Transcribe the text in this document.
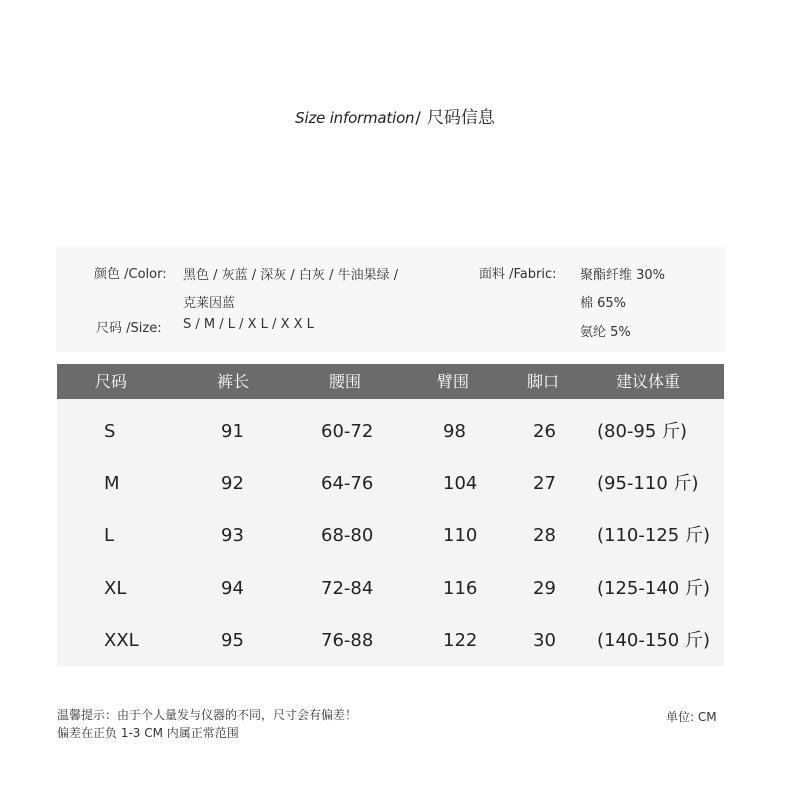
Size information/ 尺码信息
颜色 /Color: 黑色 / 灰蓝 / 深灰 / 白灰 / 牛油果绿 /
克莱因蓝
尺码 /Size: S / M / L / X L / X X L
面料 /Fabric: 聚酯纤维 30%
棉 65%
氨纶 5%
尺码	裤长	腰围	臂围	脚口	建议体重
S	91	60-72	98	26 (80-95 斤)
M	92	64-76	104	27 (95-110 斤)
L	93	68-80	110	28 (110-125 斤)
XL	94	72-84	116	29 (125-140 斤)
XXL	95	76-88	122	30 (140-150 斤)
温馨提示：由于个人量发与仪器的不同，尺寸会有偏差！
偏差在正负 1-3 CM 内属正常范围
单位: CM
